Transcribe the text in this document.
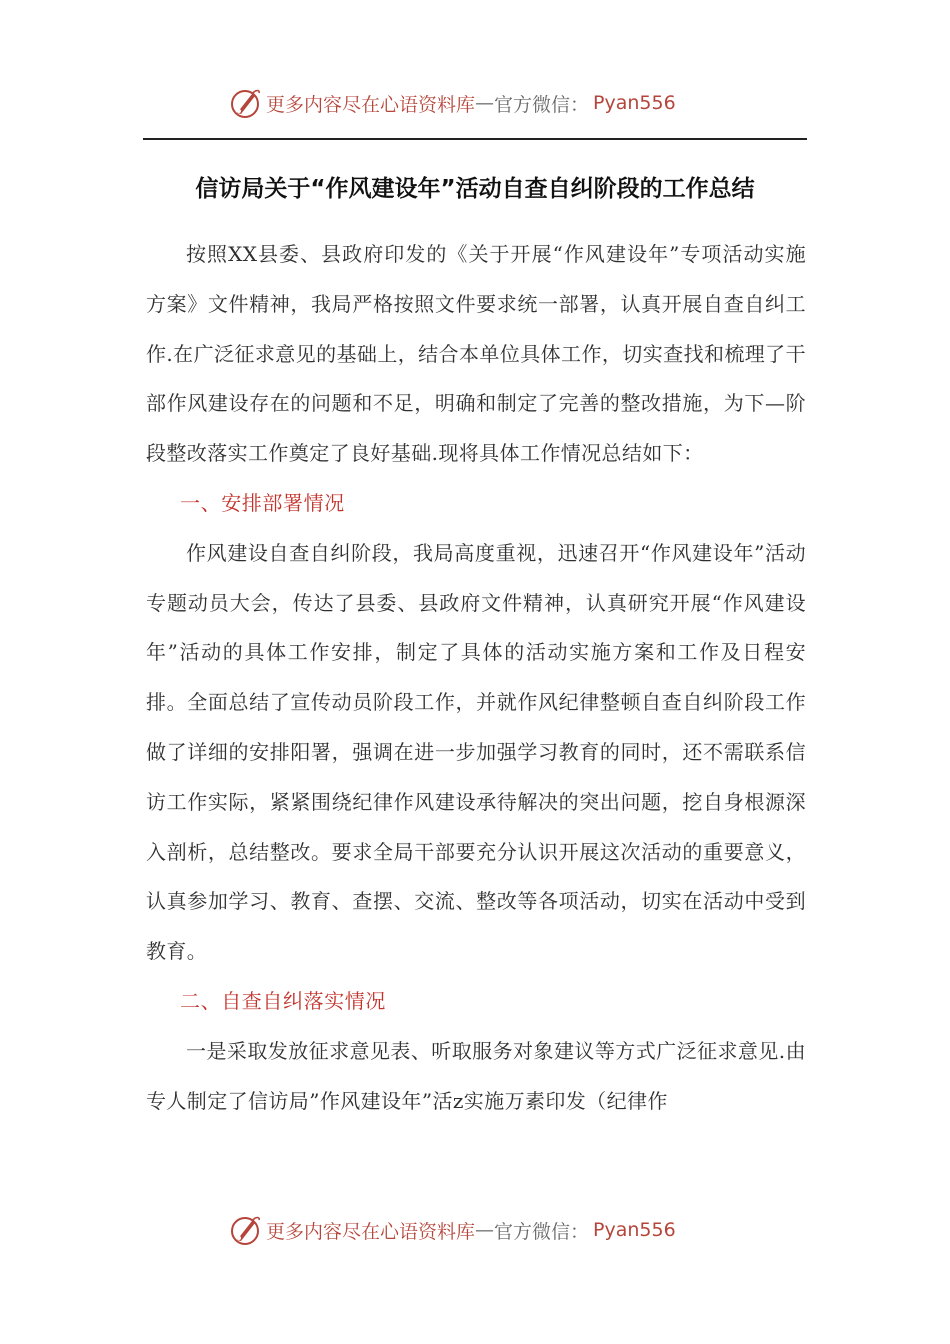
更多内容尽在心语资料库 — 官方微信： Pyan556
信访局关于“作风建设年”活动自查自纠阶段的工作总结

按照XX县委、县政府印发的《关于开展“作风建设年”专项活动实施方案》文件精神，我局严格按照文件要求统一部署，认真开展自查自纠工作.在广泛征求意见的基础上，结合本单位具体工作，切实查找和梳理了干部作风建设存在的问题和不足，明确和制定了完善的整改措施，为下—阶段整改落实工作奠定了良好基础.现将具体工作情况总结如下：

一、安排部署情况

作风建设自查自纠阶段，我局高度重视，迅速召开“作风建设年”活动专题动员大会，传达了县委、县政府文件精神，认真研究开展“作风建设年”活动的具体工作安排，制定了具体的活动实施方案和工作及日程安排。全面总结了宣传动员阶段工作，并就作风纪律整顿自查自纠阶段工作做了详细的安排阳署，强调在进一步加强学习教育的同时，还不需联系信访工作实际，紧紧围绕纪律作风建设承待解决的突出问题，挖自身根源深入剖析，总结整改。要求全局干部要充分认识开展这次活动的重要意义，认真参加学习、教育、查摆、交流、整改等各项活动，切实在活动中受到教育。

二、自查自纠落实情况

一是采取发放征求意见表、听取服务对象建议等方式广泛征求意见.由专人制定了信访局”作风建设年”活z实施万素印发（纪律作

更多内容尽在心语资料库 — 官方微信： Pyan556
